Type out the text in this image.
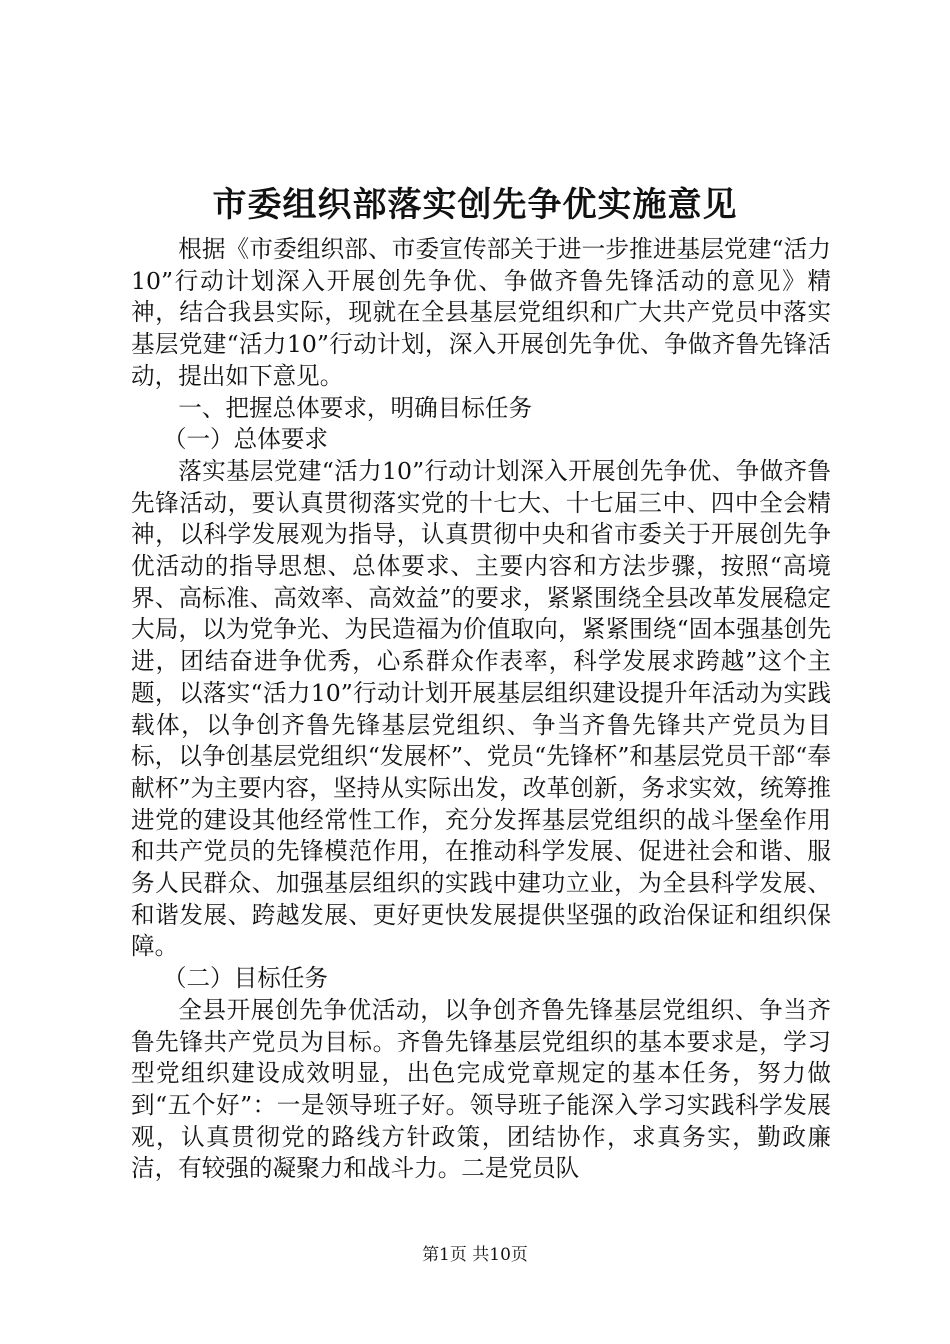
市委组织部落实创先争优实施意见

根据《市委组织部、市委宣传部关于进一步推进基层党建“活力10”行动计划深入开展创先争优、争做齐鲁先锋活动的意见》精神，结合我县实际，现就在全县基层党组织和广大共产党员中落实基层党建“活力10”行动计划，深入开展创先争优、争做齐鲁先锋活动，提出如下意见。

一、把握总体要求，明确目标任务

（一）总体要求

落实基层党建“活力10”行动计划深入开展创先争优、争做齐鲁先锋活动，要认真贯彻落实党的十七大、十七届三中、四中全会精神，以科学发展观为指导，认真贯彻中央和省市委关于开展创先争优活动的指导思想、总体要求、主要内容和方法步骤，按照“高境界、高标准、高效率、高效益”的要求，紧紧围绕全县改革发展稳定大局，以为党争光、为民造福为价值取向，紧紧围绕“固本强基创先进，团结奋进争优秀，心系群众作表率，科学发展求跨越”这个主题，以落实“活力10”行动计划开展基层组织建设提升年活动为实践载体，以争创齐鲁先锋基层党组织、争当齐鲁先锋共产党员为目标，以争创基层党组织“发展杯”、党员“先锋杯”和基层党员干部“奉献杯”为主要内容，坚持从实际出发，改革创新，务求实效，统筹推进党的建设其他经常性工作，充分发挥基层党组织的战斗堡垒作用和共产党员的先锋模范作用，在推动科学发展、促进社会和谐、服务人民群众、加强基层组织的实践中建功立业，为全县科学发展、和谐发展、跨越发展、更好更快发展提供坚强的政治保证和组织保障。

（二）目标任务

全县开展创先争优活动，以争创齐鲁先锋基层党组织、争当齐鲁先锋共产党员为目标。齐鲁先锋基层党组织的基本要求是，学习型党组织建设成效明显，出色完成党章规定的基本任务，努力做到“五个好”：一是领导班子好。领导班子能深入学习实践科学发展观，认真贯彻党的路线方针政策，团结协作，求真务实，勤政廉洁，有较强的凝聚力和战斗力。二是党员队

第1页 共10页
